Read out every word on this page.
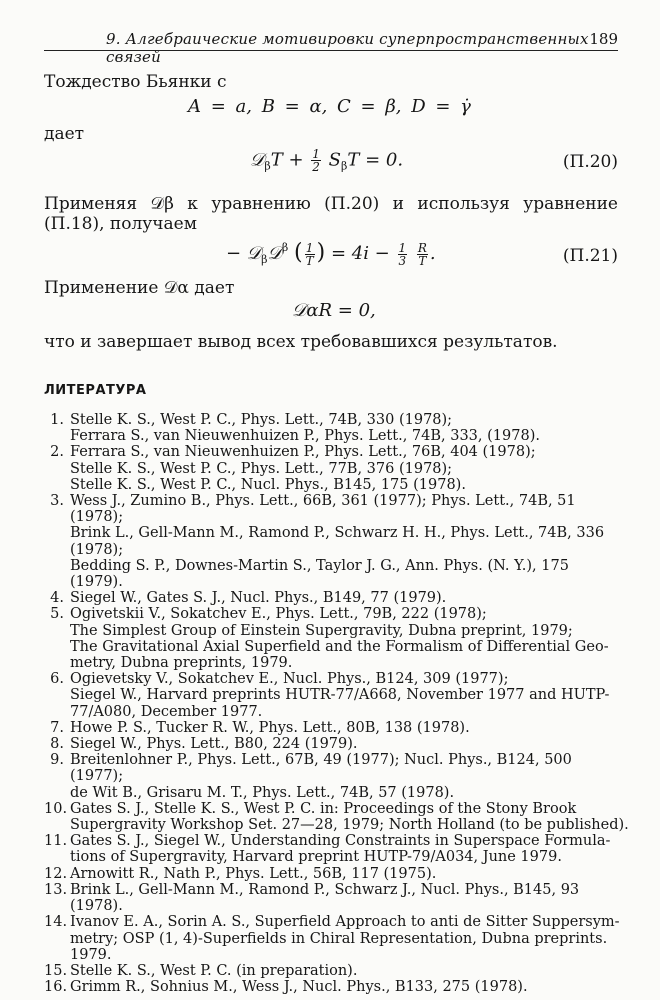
9. Алгебраические мотивировки суперпространственных связей
189
Тождество Бьянки с
A = a, B = α, C = β, D = γ̇
дает
𝒟$_\beta$T + $\frac{1}{2} S_\beta T = 0$.	(П.20)
Применяя 𝒟β к уравнению (П.20) и используя уравнение
(П.18), получаем
− 𝒟$_\beta$𝒟$^\beta$ ( $\frac{1}{T}$ ) = $4i - \frac{1}{3}$
$\frac{R}{T}$ .	(П.21)
Применение 𝒟α дает
𝒟αR = 0,
что и завершает вывод всех требовавшихся результатов.
ЛИТЕРАТУРА
1. Stelle K. S., West P. C., Phys. Lett., 74B, 330 (1978);
Ferrara S., van Nieuwenhuizen P., Phys. Lett., 74B, 333, (1978).
2. Ferrara S., van Nieuwenhuizen P., Phys. Lett., 76B, 404 (1978);
Stelle K. S., West P. C., Phys. Lett., 77B, 376 (1978);
Stelle K. S., West P. C., Nucl. Phys., B145, 175 (1978).
3. Wess J., Zumino B., Phys. Lett., 66B, 361 (1977); Phys. Lett., 74B, 51
(1978);
Brink L., Gell-Mann M., Ramond P., Schwarz H. H., Phys. Lett., 74B, 336
(1978);
Bedding S. P., Downes-Martin S., Taylor J. G., Ann. Phys. (N. Y.), 175
(1979).
4. Siegel W., Gates S. J., Nucl. Phys., B149, 77 (1979).
5. Ogivetskii V., Sokatchev E., Phys. Lett., 79B, 222 (1978);
The Simplest Group of Einstein Supergravity, Dubna preprint, 1979;
The Gravitational Axial Superfield and the Formalism of Differential Geo-
metry, Dubna preprints, 1979.
6. Ogievetsky V., Sokatchev E., Nucl. Phys., B124, 309 (1977);
Siegel W., Harvard preprints HUTR-77/A668, November 1977 and HUTP-
77/A080, December 1977.
7. Howe P. S., Tucker R. W., Phys. Lett., 80B, 138 (1978).
8. Siegel W., Phys. Lett., B80, 224 (1979).
9. Breitenlohner P., Phys. Lett., 67B, 49 (1977); Nucl. Phys., B124, 500
(1977);
de Wit B., Grisaru M. T., Phys. Lett., 74B, 57 (1978).
10. Gates S. J., Stelle K. S., West P. C. in: Proceedings of the Stony Brook
Supergravity Workshop Set. 27—28, 1979; North Holland (to be published).
11. Gates S. J., Siegel W., Understanding Constraints in Superspace Formula-
tions of Supergravity, Harvard preprint HUTP-79/A034, June 1979.
12. Arnowitt R., Nath P., Phys. Lett., 56B, 117 (1975).
13. Brink L., Gell-Mann M., Ramond P., Schwarz J., Nucl. Phys., B145, 93
(1978).
14. Ivanov E. A., Sorin A. S., Superfield Approach to anti de Sitter Suppersym-
metry; OSP (1, 4)-Superfields in Chiral Representation, Dubna preprints.
1979.
15. Stelle K. S., West P. C. (in preparation).
16. Grimm R., Sohnius M., Wess J., Nucl. Phys., B133, 275 (1978).
